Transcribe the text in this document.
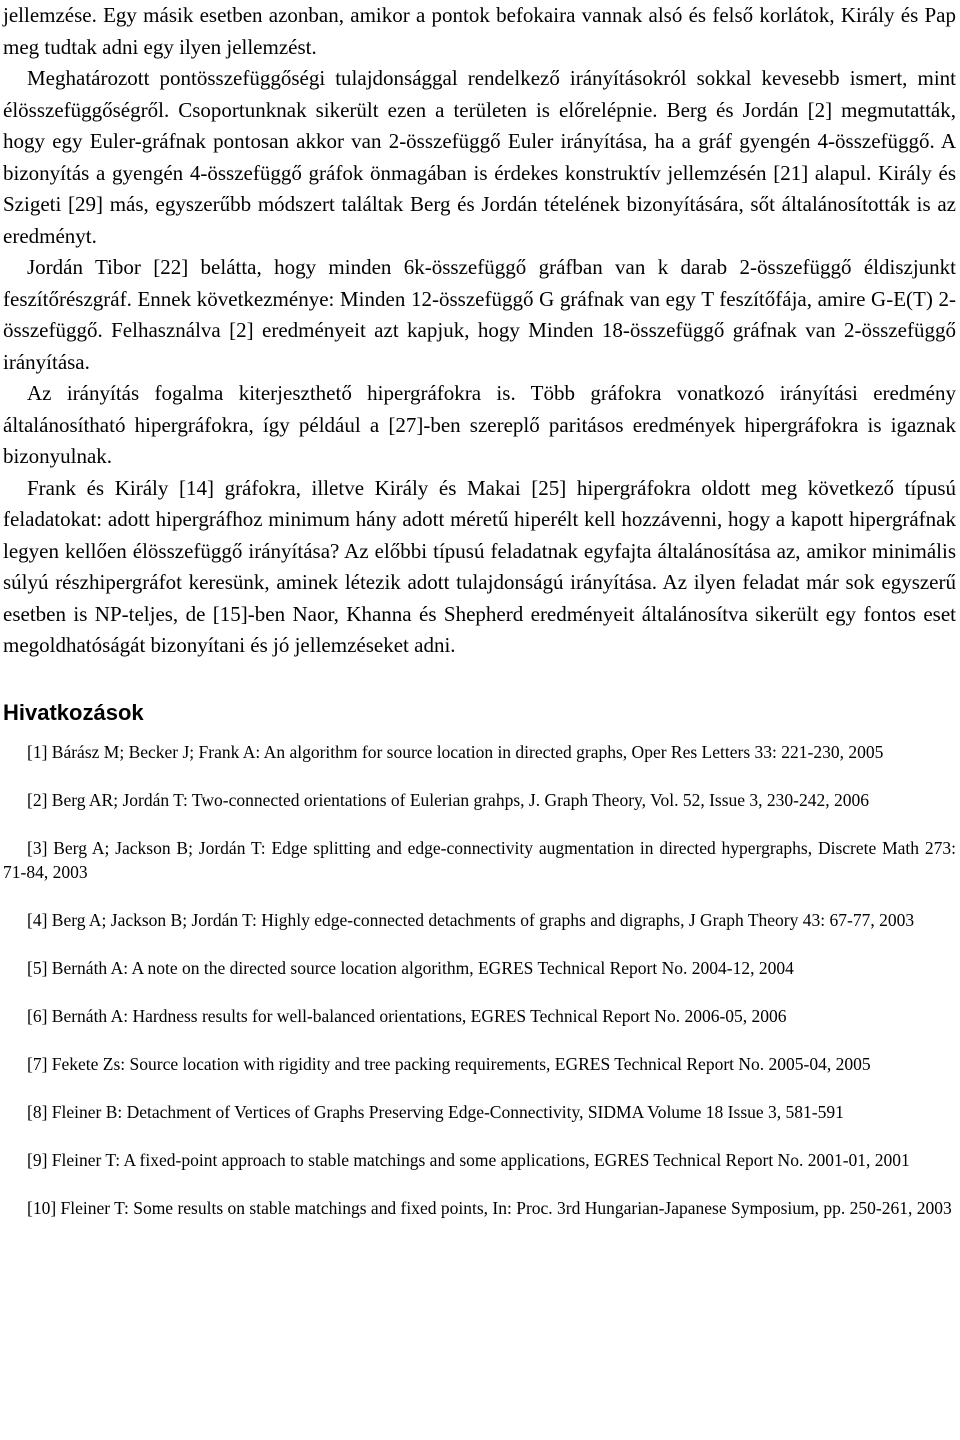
jellemzése. Egy másik esetben azonban, amikor a pontok befokaira vannak alsó és felső korlátok, Király és Pap meg tudtak adni egy ilyen jellemzést.

Meghatározott pontösszefüggőségi tulajdonsággal rendelkező irányításokról sokkal kevesebb ismert, mint élösszefüggőségről. Csoportunknak sikerült ezen a területen is előrelépnie. Berg és Jordán [2] megmutatták, hogy egy Euler-gráfnak pontosan akkor van 2-összefüggő Euler irányítása, ha a gráf gyengén 4-összefüggő. A bizonyítás a gyengén 4-összefüggő gráfok önmagában is érdekes konstruktív jellemzésén [21] alapul. Király és Szigeti [29] más, egyszerűbb módszert találtak Berg és Jordán tételének bizonyítására, sőt általánosították is az eredményt.

Jordán Tibor [22] belátta, hogy minden 6k-összefüggő gráfban van k darab 2-összefüggő éldiszjunkt feszítőrészgráf. Ennek következménye: Minden 12-összefüggő G gráfnak van egy T feszítőfája, amire G-E(T) 2-összefüggő. Felhasználva [2] eredményeit azt kapjuk, hogy Minden 18-összefüggő gráfnak van 2-összefüggő irányítása.

Az irányítás fogalma kiterjeszthető hipergráfokra is. Több gráfokra vonatkozó irányítási eredmény általánosítható hipergráfokra, így például a [27]-ben szereplő paritásos eredmények hipergráfokra is igaznak bizonyulnak.

Frank és Király [14] gráfokra, illetve Király és Makai [25] hipergráfokra oldott meg következő típusú feladatokat: adott hipergráfhoz minimum hány adott méretű hiperélt kell hozzávenni, hogy a kapott hipergráfnak legyen kellően élösszefüggő irányítása? Az előbbi típusú feladatnak egyfajta általánosítása az, amikor minimális súlyú részhipergráfot keresünk, aminek létezik adott tulajdonságú irányítása. Az ilyen feladat már sok egyszerű esetben is NP-teljes, de [15]-ben Naor, Khanna és Shepherd eredményeit általánosítva sikerült egy fontos eset megoldhatóságát bizonyítani és jó jellemzéseket adni.

Hivatkozások

[1] Bárász M; Becker J; Frank A: An algorithm for source location in directed graphs, Oper Res Letters 33: 221-230, 2005

[2] Berg AR; Jordán T: Two-connected orientations of Eulerian grahps, J. Graph Theory, Vol. 52, Issue 3, 230-242, 2006

[3] Berg A; Jackson B; Jordán T: Edge splitting and edge-connectivity augmentation in directed hypergraphs, Discrete Math 273: 71-84, 2003

[4] Berg A; Jackson B; Jordán T: Highly edge-connected detachments of graphs and digraphs, J Graph Theory 43: 67-77, 2003

[5] Bernáth A: A note on the directed source location algorithm, EGRES Technical Report No. 2004-12, 2004

[6] Bernáth A: Hardness results for well-balanced orientations, EGRES Technical Report No. 2006-05, 2006

[7] Fekete Zs: Source location with rigidity and tree packing requirements, EGRES Technical Report No. 2005-04, 2005

[8] Fleiner B: Detachment of Vertices of Graphs Preserving Edge-Connectivity, SIDMA Volume 18 Issue 3, 581-591

[9] Fleiner T: A fixed-point approach to stable matchings and some applications, EGRES Technical Report No. 2001-01, 2001

[10] Fleiner T: Some results on stable matchings and fixed points, In: Proc. 3rd Hungarian-Japanese Symposium, pp. 250-261, 2003
